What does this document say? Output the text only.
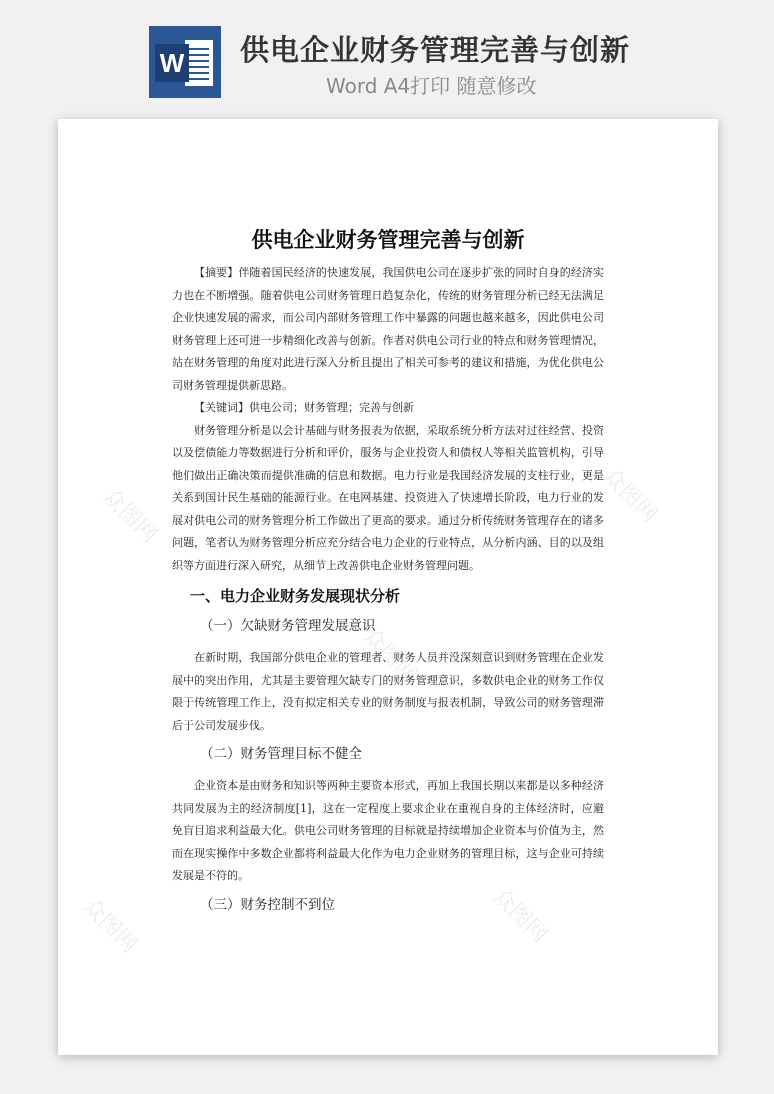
W 供电企业财务管理完善与创新
Word A4打印 随意修改
众图网	众图网
众图网
众图网	众图网
供电企业财务管理完善与创新

【摘要】伴随着国民经济的快速发展，我国供电公司在逐步扩张的同时自身的经济实力也在不断增强。随着供电公司财务管理日趋复杂化，传统的财务管理分析已经无法满足企业快速发展的需求，而公司内部财务管理工作中暴露的问题也越来越多，因此供电公司财务管理上还可进一步精细化改善与创新。作者对供电公司行业的特点和财务管理情况，站在财务管理的角度对此进行深入分析且提出了相关可参考的建议和措施，为优化供电公司财务管理提供新思路。

【关键词】供电公司；财务管理；完善与创新

财务管理分析是以会计基础与财务报表为依据，采取系统分析方法对过往经营、投资以及偿债能力等数据进行分析和评价，服务与企业投资人和债权人等相关监管机构，引导他们做出正确决策而提供准确的信息和数据。电力行业是我国经济发展的支柱行业，更是关系到国计民生基础的能源行业。在电网基建、投资进入了快速增长阶段，电力行业的发展对供电公司的财务管理分析工作做出了更高的要求。通过分析传统财务管理存在的诸多问题，笔者认为财务管理分析应充分结合电力企业的行业特点，从分析内涵、目的以及组织等方面进行深入研究，从细节上改善供电企业财务管理问题。

一、电力企业财务发展现状分析
（一）欠缺财务管理发展意识

在新时期，我国部分供电企业的管理者、财务人员并没深刻意识到财务管理在企业发展中的突出作用，尤其是主要管理欠缺专门的财务管理意识，多数供电企业的财务工作仅限于传统管理工作上，没有拟定相关专业的财务制度与报表机制，导致公司的财务管理滞后于公司发展步伐。

（二）财务管理目标不健全

企业资本是由财务和知识等两种主要资本形式，再加上我国长期以来都是以多种经济共同发展为主的经济制度[1]，这在一定程度上要求企业在重视自身的主体经济时，应避免盲目追求利益最大化。供电公司财务管理的目标就是持续增加企业资本与价值为主，然而在现实操作中多数企业都将利益最大化作为电力企业财务的管理目标，这与企业可持续发展是不符的。

（三）财务控制不到位
